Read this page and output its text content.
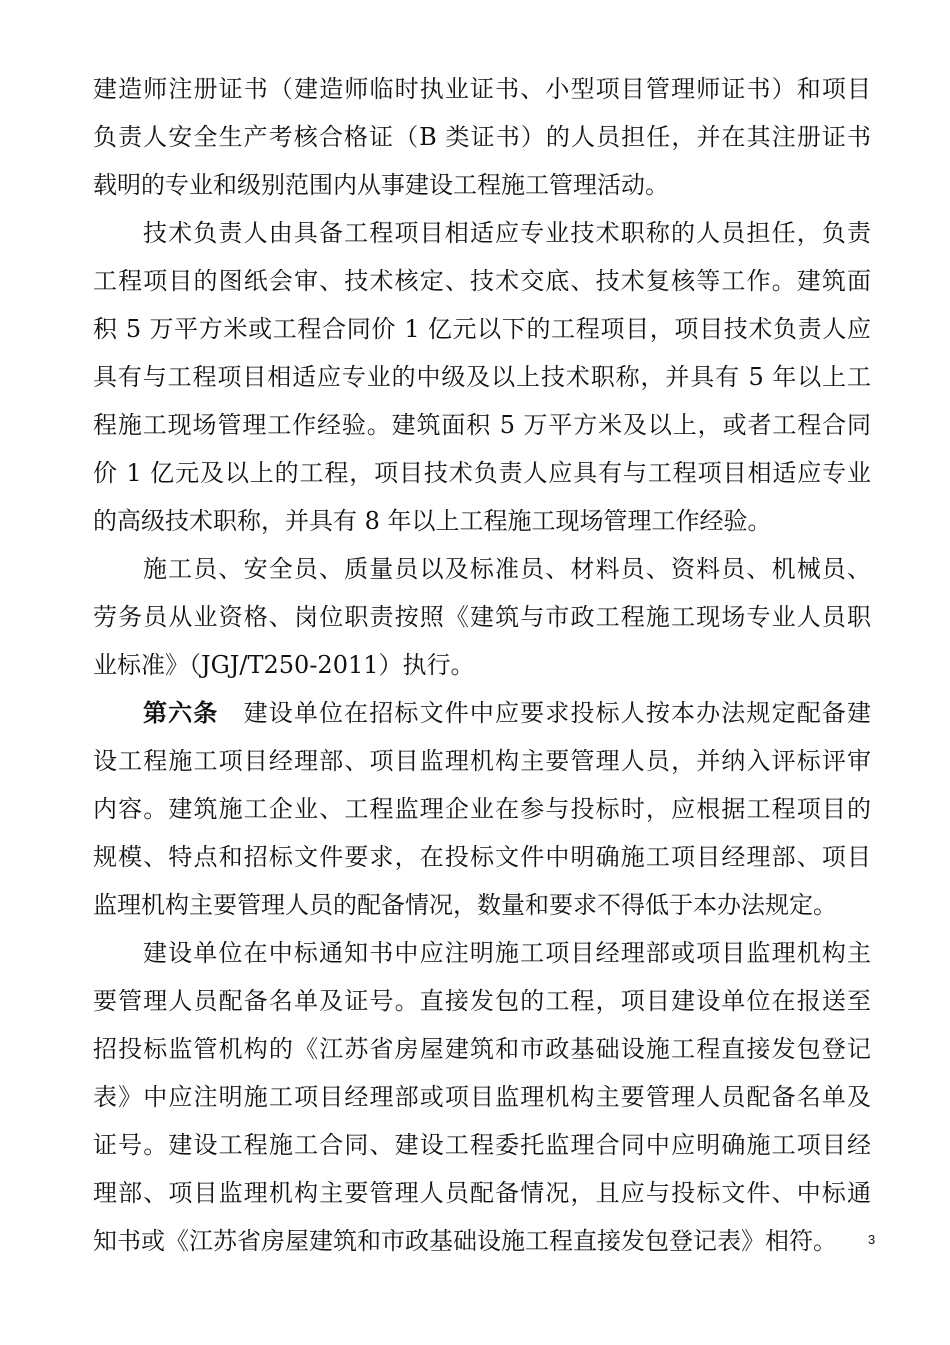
建造师注册证书（建造师临时执业证书、小型项目管理师证书）和项目
负责人安全生产考核合格证（B 类证书）的人员担任，并在其注册证书
载明的专业和级别范围内从事建设工程施工管理活动。
技术负责人由具备工程项目相适应专业技术职称的人员担任，负责
工程项目的图纸会审、技术核定、技术交底、技术复核等工作。建筑面
积 5 万平方米或工程合同价 1 亿元以下的工程项目，项目技术负责人应
具有与工程项目相适应专业的中级及以上技术职称，并具有 5 年以上工
程施工现场管理工作经验。建筑面积 5 万平方米及以上，或者工程合同
价 1 亿元及以上的工程，项目技术负责人应具有与工程项目相适应专业
的高级技术职称，并具有 8 年以上工程施工现场管理工作经验。
施工员、安全员、质量员以及标准员、材料员、资料员、机械员、
劳务员从业资格、岗位职责按照《建筑与市政工程施工现场专业人员职
业标准》（JGJ/T250-2011）执行。
第六条 建设单位在招标文件中应要求投标人按本办法规定配备建
设工程施工项目经理部、项目监理机构主要管理人员，并纳入评标评审
内容。建筑施工企业、工程监理企业在参与投标时，应根据工程项目的
规模、特点和招标文件要求，在投标文件中明确施工项目经理部、项目
监理机构主要管理人员的配备情况，数量和要求不得低于本办法规定。
建设单位在中标通知书中应注明施工项目经理部或项目监理机构主
要管理人员配备名单及证号。直接发包的工程，项目建设单位在报送至
招投标监管机构的《江苏省房屋建筑和市政基础设施工程直接发包登记
表》中应注明施工项目经理部或项目监理机构主要管理人员配备名单及
证号。建设工程施工合同、建设工程委托监理合同中应明确施工项目经
理部、项目监理机构主要管理人员配备情况，且应与投标文件、中标通
知书或《江苏省房屋建筑和市政基础设施工程直接发包登记表》相符。	3
